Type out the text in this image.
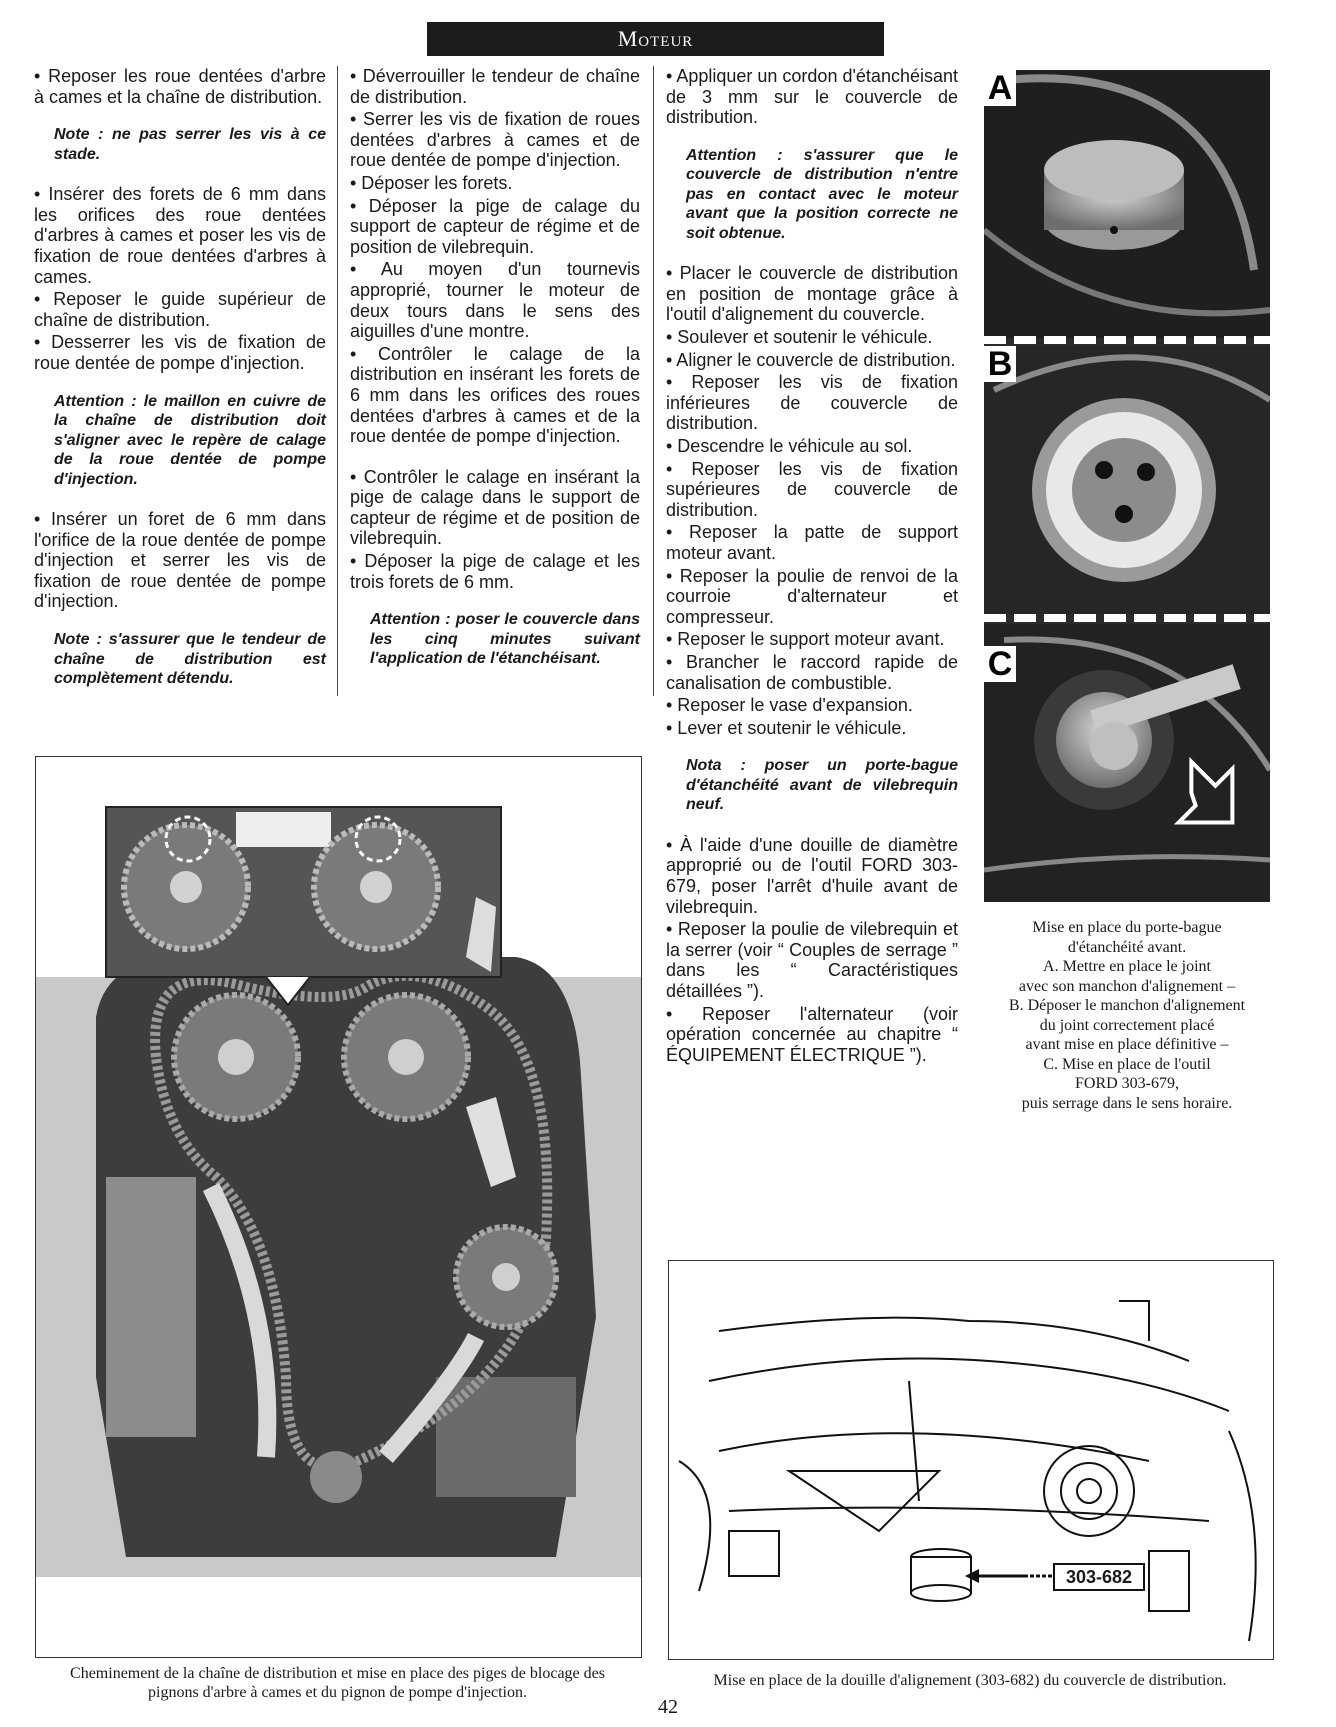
Moteur

• Reposer les roue dentées d'arbre à cames et la chaîne de distribution.

Note : ne pas serrer les vis à ce stade.

• Insérer des forets de 6 mm dans les orifices des roue dentées d'arbres à cames et poser les vis de fixation de roue dentées d'arbres à cames.

• Reposer le guide supérieur de chaîne de distribution.

• Desserrer les vis de fixation de roue dentée de pompe d'injection.

Attention : le maillon en cuivre de la chaîne de distribution doit s'aligner avec le repère de calage de la roue dentée de pompe d'injection.

• Insérer un foret de 6 mm dans l'orifice de la roue dentée de pompe d'injection et serrer les vis de fixation de roue dentée de pompe d'injection.

Note : s'assurer que le tendeur de chaîne de distribution est complètement détendu.

• Déverrouiller le tendeur de chaîne de distribution.

• Serrer les vis de fixation de roues dentées d'arbres à cames et de roue dentée de pompe d'injection.

• Déposer les forets.

• Déposer la pige de calage du support de capteur de régime et de position de vilebrequin.

• Au moyen d'un tournevis approprié, tourner le moteur de deux tours dans le sens des aiguilles d'une montre.

• Contrôler le calage de la distribution en insérant les forets de 6 mm dans les orifices des roues dentées d'arbres à cames et de la roue dentée de pompe d'injection.

• Contrôler le calage en insérant la pige de calage dans le support de capteur de régime et de position de vilebrequin.

• Déposer la pige de calage et les trois forets de 6 mm.

Attention : poser le couvercle dans les cinq minutes suivant l'application de l'étanchéisant.

• Appliquer un cordon d'étanchéisant de 3 mm sur le couvercle de distribution.

Attention : s'assurer que le couvercle de distribution n'entre pas en contact avec le moteur avant que la position correcte ne soit obtenue.

• Placer le couvercle de distribution en position de montage grâce à l'outil d'alignement du couvercle.

• Soulever et soutenir le véhicule.

• Aligner le couvercle de distribution.

• Reposer les vis de fixation inférieures de couvercle de distribution.

• Descendre le véhicule au sol.

• Reposer les vis de fixation supérieures de couvercle de distribution.

• Reposer la patte de support moteur avant.

• Reposer la poulie de renvoi de la courroie d'alternateur et compresseur.

• Reposer le support moteur avant.

• Brancher le raccord rapide de canalisation de combustible.

• Reposer le vase d'expansion.

• Lever et soutenir le véhicule.

Nota : poser un porte-bague d'étanchéité avant de vilebrequin neuf.

• À l'aide d'une douille de diamètre approprié ou de l'outil FORD 303-679, poser l'arrêt d'huile avant de vilebrequin.

• Reposer la poulie de vilebrequin et la serrer (voir “ Couples de serrage ” dans les “ Caractéristiques détaillées ”).

• Reposer l'alternateur (voir opération concernée au chapitre “ ÉQUIPEMENT ÉLECTRIQUE ”).

A
B
C
Mise en place du porte-bague
d'étanchéité avant.
A. Mettre en place le joint
avec son manchon d'alignement –
B. Déposer le manchon d'alignement
du joint correctement placé
avant mise en place définitive –
C. Mise en place de l'outil
FORD 303-679,
puis serrage dans le sens horaire.
Cheminement de la chaîne de distribution et mise en place des piges de blocage des
pignons d'arbre à cames et du pignon de pompe d'injection.
303-682
Mise en place de la douille d'alignement (303-682) du couvercle de distribution.
42
